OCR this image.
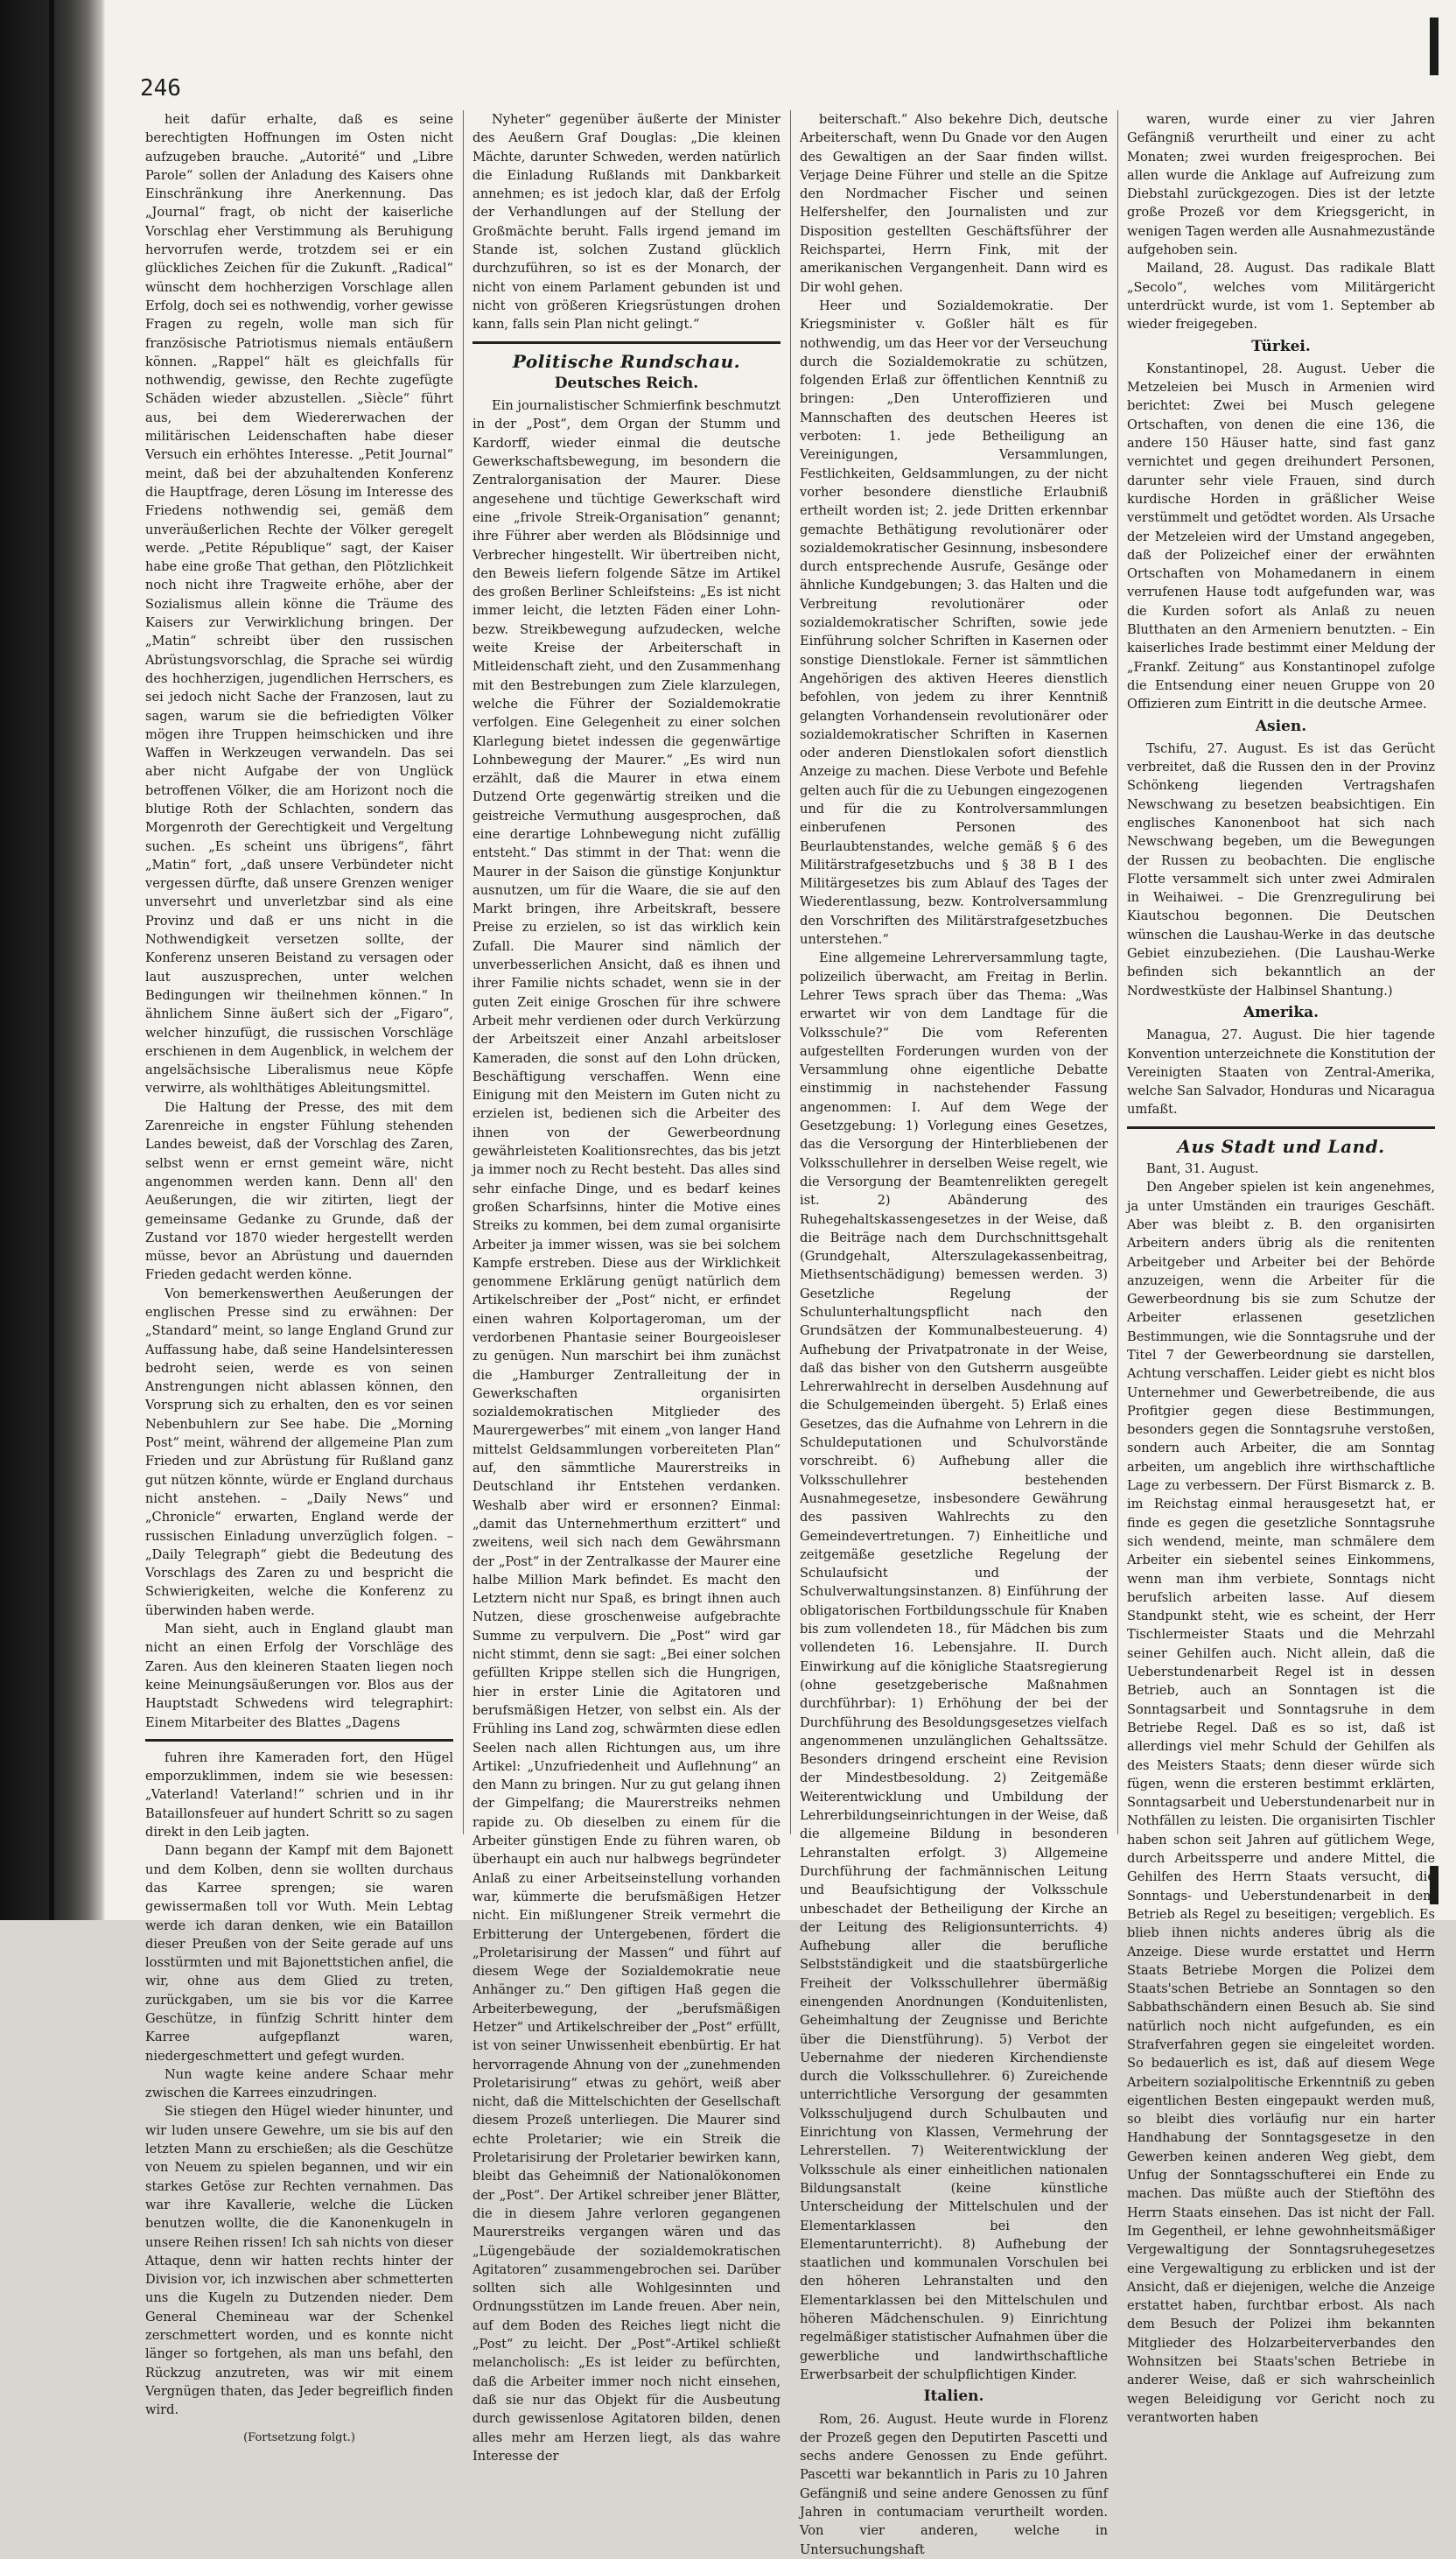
246

heit dafür erhalte, daß es seine berechtigten Hoffnungen im Osten nicht aufzugeben brauche. „Autorité“ und „Libre Parole“ sollen der Anladung des Kaisers ohne Einschränkung ihre Anerkennung. Das „Journal“ fragt, ob nicht der kaiserliche Vorschlag eher Verstimmung als Beruhigung hervorrufen werde, trotzdem sei er ein glückliches Zeichen für die Zukunft. „Radical“ wünscht dem hochherzigen Vorschlage allen Erfolg, doch sei es nothwendig, vorher gewisse Fragen zu regeln, wolle man sich für französische Patriotismus niemals entäußern können. „Rappel“ hält es gleichfalls für nothwendig, gewisse, den Rechte zugefügte Schäden wieder abzustellen. „Siècle“ führt aus, bei dem Wiedererwachen der militärischen Leidenschaften habe dieser Versuch ein erhöhtes Interesse. „Petit Journal“ meint, daß bei der abzuhaltenden Konferenz die Hauptfrage, deren Lösung im Interesse des Friedens nothwendig sei, gemäß dem unveräußerlichen Rechte der Völker geregelt werde. „Petite République“ sagt, der Kaiser habe eine große That gethan, den Plötzlichkeit noch nicht ihre Tragweite erhöhe, aber der Sozialismus allein könne die Träume des Kaisers zur Verwirklichung bringen. Der „Matin“ schreibt über den russischen Abrüstungsvorschlag, die Sprache sei würdig des hochherzigen, jugendlichen Herrschers, es sei jedoch nicht Sache der Franzosen, laut zu sagen, warum sie die befriedigten Völker mögen ihre Truppen heimschicken und ihre Waffen in Werkzeugen verwandeln. Das sei aber nicht Aufgabe der von Unglück betroffenen Völker, die am Horizont noch die blutige Roth der Schlachten, sondern das Morgenroth der Gerechtigkeit und Vergeltung suchen. „Es scheint uns übrigens“, fährt „Matin“ fort, „daß unsere Verbündeter nicht vergessen dürfte, daß unsere Grenzen weniger unversehrt und unverletzbar sind als eine Provinz und daß er uns nicht in die Nothwendigkeit versetzen sollte, der Konferenz unseren Beistand zu versagen oder laut auszusprechen, unter welchen Bedingungen wir theilnehmen können.“ In ähnlichem Sinne äußert sich der „Figaro“, welcher hinzufügt, die russischen Vorschläge erschienen in dem Augenblick, in welchem der angelsächsische Liberalismus neue Köpfe verwirre, als wohlthätiges Ableitungsmittel.

Die Haltung der Presse, des mit dem Zarenreiche in engster Fühlung stehenden Landes beweist, daß der Vorschlag des Zaren, selbst wenn er ernst gemeint wäre, nicht angenommen werden kann. Denn all' den Aeußerungen, die wir zitirten, liegt der gemeinsame Gedanke zu Grunde, daß der Zustand vor 1870 wieder hergestellt werden müsse, bevor an Abrüstung und dauernden Frieden gedacht werden könne.

Von bemerkenswerthen Aeußerungen der englischen Presse sind zu erwähnen: Der „Standard“ meint, so lange England Grund zur Auffassung habe, daß seine Handelsinteressen bedroht seien, werde es von seinen Anstrengungen nicht ablassen können, den Vorsprung sich zu erhalten, den es vor seinen Nebenbuhlern zur See habe. Die „Morning Post“ meint, während der allgemeine Plan zum Frieden und zur Abrüstung für Rußland ganz gut nützen könnte, würde er England durchaus nicht anstehen. – „Daily News“ und „Chronicle“ erwarten, England werde der russischen Einladung unverzüglich folgen. – „Daily Telegraph“ giebt die Bedeutung des Vorschlags des Zaren zu und bespricht die Schwierigkeiten, welche die Konferenz zu überwinden haben werde.

Man sieht, auch in England glaubt man nicht an einen Erfolg der Vorschläge des Zaren. Aus den kleineren Staaten liegen noch keine Meinungsäußerungen vor. Blos aus der Hauptstadt Schwedens wird telegraphirt: Einem Mitarbeiter des Blattes „Dagens

fuhren ihre Kameraden fort, den Hügel emporzuklimmen, indem sie wie besessen: „Vaterland! Vaterland!“ schrien und in ihr Bataillonsfeuer auf hundert Schritt so zu sagen direkt in den Leib jagten.

Dann begann der Kampf mit dem Bajonett und dem Kolben, denn sie wollten durchaus das Karree sprengen; sie waren gewissermaßen toll vor Wuth. Mein Lebtag werde ich daran denken, wie ein Bataillon dieser Preußen von der Seite gerade auf uns losstürmten und mit Bajonettstichen anfiel, die wir, ohne aus dem Glied zu treten, zurückgaben, um sie bis vor die Karree Geschütze, in fünfzig Schritt hinter dem Karree aufgepflanzt waren, niedergeschmettert und gefegt wurden.

Nun wagte keine andere Schaar mehr zwischen die Karrees einzudringen.

Sie stiegen den Hügel wieder hinunter, und wir luden unsere Gewehre, um sie bis auf den letzten Mann zu erschießen; als die Geschütze von Neuem zu spielen begannen, und wir ein starkes Getöse zur Rechten vernahmen. Das war ihre Kavallerie, welche die Lücken benutzen wollte, die die Kanonenkugeln in unsere Reihen rissen! Ich sah nichts von dieser Attaque, denn wir hatten rechts hinter der Division vor, ich inzwischen aber schmetterten uns die Kugeln zu Dutzenden nieder. Dem General Chemineau war der Schenkel zerschmettert worden, und es konnte nicht länger so fortgehen, als man uns befahl, den Rückzug anzutreten, was wir mit einem Vergnügen thaten, das Jeder begreiflich finden wird.

(Fortsetzung folgt.)

Nyheter“ gegenüber äußerte der Minister des Aeußern Graf Douglas: „Die kleinen Mächte, darunter Schweden, werden natürlich die Einladung Rußlands mit Dankbarkeit annehmen; es ist jedoch klar, daß der Erfolg der Verhandlungen auf der Stellung der Großmächte beruht. Falls irgend jemand im Stande ist, solchen Zustand glücklich durchzuführen, so ist es der Monarch, der nicht von einem Parlament gebunden ist und nicht von größeren Kriegsrüstungen drohen kann, falls sein Plan nicht gelingt.“

Politische Rundschau.
Deutsches Reich.

Ein journalistischer Schmierfink beschmutzt in der „Post“, dem Organ der Stumm und Kardorff, wieder einmal die deutsche Gewerkschaftsbewegung, im besondern die Zentralorganisation der Maurer. Diese angesehene und tüchtige Gewerkschaft wird eine „frivole Streik-Organisation“ genannt; ihre Führer aber werden als Blödsinnige und Verbrecher hingestellt. Wir übertreiben nicht, den Beweis liefern folgende Sätze im Artikel des großen Berliner Schleifsteins: „Es ist nicht immer leicht, die letzten Fäden einer Lohn- bezw. Streikbewegung aufzudecken, welche weite Kreise der Arbeiterschaft in Mitleidenschaft zieht, und den Zusammenhang mit den Bestrebungen zum Ziele klarzulegen, welche die Führer der Sozialdemokratie verfolgen. Eine Gelegenheit zu einer solchen Klarlegung bietet indessen die gegenwärtige Lohnbewegung der Maurer.“ „Es wird nun erzählt, daß die Maurer in etwa einem Dutzend Orte gegenwärtig streiken und die geistreiche Vermuthung ausgesprochen, daß eine derartige Lohnbewegung nicht zufällig entsteht.“ Das stimmt in der That: wenn die Maurer in der Saison die günstige Konjunktur ausnutzen, um für die Waare, die sie auf den Markt bringen, ihre Arbeitskraft, bessere Preise zu erzielen, so ist das wirklich kein Zufall. Die Maurer sind nämlich der unverbesserlichen Ansicht, daß es ihnen und ihrer Familie nichts schadet, wenn sie in der guten Zeit einige Groschen für ihre schwere Arbeit mehr verdienen oder durch Verkürzung der Arbeitszeit einer Anzahl arbeitsloser Kameraden, die sonst auf den Lohn drücken, Beschäftigung verschaffen. Wenn eine Einigung mit den Meistern im Guten nicht zu erzielen ist, bedienen sich die Arbeiter des ihnen von der Gewerbeordnung gewährleisteten Koalitionsrechtes, das bis jetzt ja immer noch zu Recht besteht. Das alles sind sehr einfache Dinge, und es bedarf keines großen Scharfsinns, hinter die Motive eines Streiks zu kommen, bei dem zumal organisirte Arbeiter ja immer wissen, was sie bei solchem Kampfe erstreben. Diese aus der Wirklichkeit genommene Erklärung genügt natürlich dem Artikelschreiber der „Post“ nicht, er erfindet einen wahren Kolportageroman, um der verdorbenen Phantasie seiner Bourgeoisleser zu genügen. Nun marschirt bei ihm zunächst die „Hamburger Zentralleitung der in Gewerkschaften organisirten sozialdemokratischen Mitglieder des Maurergewerbes“ mit einem „von langer Hand mittelst Geldsammlungen vorbereiteten Plan“ auf, den sämmtliche Maurerstreiks in Deutschland ihr Entstehen verdanken. Weshalb aber wird er ersonnen? Einmal: „damit das Unternehmerthum erzittert“ und zweitens, weil sich nach dem Gewährsmann der „Post“ in der Zentralkasse der Maurer eine halbe Million Mark befindet. Es macht den Letztern nicht nur Spaß, es bringt ihnen auch Nutzen, diese groschenweise aufgebrachte Summe zu verpulvern. Die „Post“ wird gar nicht stimmt, denn sie sagt: „Bei einer solchen gefüllten Krippe stellen sich die Hungrigen, hier in erster Linie die Agitatoren und berufsmäßigen Hetzer, von selbst ein. Als der Frühling ins Land zog, schwärmten diese edlen Seelen nach allen Richtungen aus, um ihre Artikel: „Unzufriedenheit und Auflehnung“ an den Mann zu bringen. Nur zu gut gelang ihnen der Gimpelfang; die Maurerstreiks nehmen rapide zu. Ob dieselben zu einem für die Arbeiter günstigen Ende zu führen waren, ob überhaupt ein auch nur halbwegs begründeter Anlaß zu einer Arbeitseinstellung vorhanden war, kümmerte die berufsmäßigen Hetzer nicht. Ein mißlungener Streik vermehrt die Erbitterung der Untergebenen, fördert die „Proletarisirung der Massen“ und führt auf diesem Wege der Sozialdemokratie neue Anhänger zu.“ Den giftigen Haß gegen die Arbeiterbewegung, der „berufsmäßigen Hetzer“ und Artikelschreiber der „Post“ erfüllt, ist von seiner Unwissenheit ebenbürtig. Er hat hervorragende Ahnung von der „zunehmenden Proletarisirung“ etwas zu gehört, weiß aber nicht, daß die Mittelschichten der Gesellschaft diesem Prozeß unterliegen. Die Maurer sind echte Proletarier; wie ein Streik die Proletarisirung der Proletarier bewirken kann, bleibt das Geheimniß der Nationalökonomen der „Post“. Der Artikel schreiber jener Blätter, die in diesem Jahre verloren gegangenen Maurerstreiks vergangen wären und das „Lügengebäude der sozialdemokratischen Agitatoren“ zusammengebrochen sei. Darüber sollten sich alle Wohlgesinnten und Ordnungsstützen im Lande freuen. Aber nein, auf dem Boden des Reiches liegt nicht die „Post“ zu leicht. Der „Post“-Artikel schließt melancholisch: „Es ist leider zu befürchten, daß die Arbeiter immer noch nicht einsehen, daß sie nur das Objekt für die Ausbeutung durch gewissenlose Agitatoren bilden, denen alles mehr am Herzen liegt, als das wahre Interesse der

beiterschaft.“ Also bekehre Dich, deutsche Arbeiterschaft, wenn Du Gnade vor den Augen des Gewaltigen an der Saar finden willst. Verjage Deine Führer und stelle an die Spitze den Nordmacher Fischer und seinen Helfershelfer, den Journalisten und zur Disposition gestellten Geschäftsführer der Reichspartei, Herrn Fink, mit der amerikanischen Vergangenheit. Dann wird es Dir wohl gehen.

Heer und Sozialdemokratie. Der Kriegsminister v. Goßler hält es für nothwendig, um das Heer vor der Verseuchung durch die Sozialdemokratie zu schützen, folgenden Erlaß zur öffentlichen Kenntniß zu bringen: „Den Unteroffizieren und Mannschaften des deutschen Heeres ist verboten: 1. jede Betheiligung an Vereinigungen, Versammlungen, Festlichkeiten, Geldsammlungen, zu der nicht vorher besondere dienstliche Erlaubniß ertheilt worden ist; 2. jede Dritten erkennbar gemachte Bethätigung revolutionärer oder sozialdemokratischer Gesinnung, insbesondere durch entsprechende Ausrufe, Gesänge oder ähnliche Kundgebungen; 3. das Halten und die Verbreitung revolutionärer oder sozialdemokratischer Schriften, sowie jede Einführung solcher Schriften in Kasernen oder sonstige Dienstlokale. Ferner ist sämmtlichen Angehörigen des aktiven Heeres dienstlich befohlen, von jedem zu ihrer Kenntniß gelangten Vorhandensein revolutionärer oder sozialdemokratischer Schriften in Kasernen oder anderen Dienstlokalen sofort dienstlich Anzeige zu machen. Diese Verbote und Befehle gelten auch für die zu Uebungen eingezogenen und für die zu Kontrolversammlungen einberufenen Personen des Beurlaubtenstandes, welche gemäß § 6 des Militärstrafgesetzbuchs und § 38 B I des Militärgesetzes bis zum Ablauf des Tages der Wiederentlassung, bezw. Kontrolversammlung den Vorschriften des Militärstrafgesetzbuches unterstehen.“

Eine allgemeine Lehrerversammlung tagte, polizeilich überwacht, am Freitag in Berlin. Lehrer Tews sprach über das Thema: „Was erwartet wir von dem Landtage für die Volksschule?“ Die vom Referenten aufgestellten Forderungen wurden von der Versammlung ohne eigentliche Debatte einstimmig in nachstehender Fassung angenommen: I. Auf dem Wege der Gesetzgebung: 1) Vorlegung eines Gesetzes, das die Versorgung der Hinterbliebenen der Volksschullehrer in derselben Weise regelt, wie die Versorgung der Beamtenrelikten geregelt ist. 2) Abänderung des Ruhegehaltskassengesetzes in der Weise, daß die Beiträge nach dem Durchschnittsgehalt (Grundgehalt, Alterszulagekassenbeitrag, Miethsentschädigung) bemessen werden. 3) Gesetzliche Regelung der Schulunterhaltungspflicht nach den Grundsätzen der Kommunalbesteuerung. 4) Aufhebung der Privatpatronate in der Weise, daß das bisher von den Gutsherrn ausgeübte Lehrerwahlrecht in derselben Ausdehnung auf die Schulgemeinden übergeht. 5) Erlaß eines Gesetzes, das die Aufnahme von Lehrern in die Schuldeputationen und Schulvorstände vorschreibt. 6) Aufhebung aller die Volksschullehrer bestehenden Ausnahmegesetze, insbesondere Gewährung des passiven Wahlrechts zu den Gemeindevertretungen. 7) Einheitliche und zeitgemäße gesetzliche Regelung der Schulaufsicht und der Schulverwaltungsinstanzen. 8) Einführung der obligatorischen Fortbildungsschule für Knaben bis zum vollendeten 18., für Mädchen bis zum vollendeten 16. Lebensjahre. II. Durch Einwirkung auf die königliche Staatsregierung (ohne gesetzgeberische Maßnahmen durchführbar): 1) Erhöhung der bei der Durchführung des Besoldungsgesetzes vielfach angenommenen unzulänglichen Gehaltssätze. Besonders dringend erscheint eine Revision der Mindestbesoldung. 2) Zeitgemäße Weiterentwicklung und Umbildung der Lehrerbildungseinrichtungen in der Weise, daß die allgemeine Bildung in besonderen Lehranstalten erfolgt. 3) Allgemeine Durchführung der fachmännischen Leitung und Beaufsichtigung der Volksschule unbeschadet der Betheiligung der Kirche an der Leitung des Religionsunterrichts. 4) Aufhebung aller die berufliche Selbstständigkeit und die staatsbürgerliche Freiheit der Volksschullehrer übermäßig einengenden Anordnungen (Konduitenlisten, Geheimhaltung der Zeugnisse und Berichte über die Dienstführung). 5) Verbot der Uebernahme der niederen Kirchendienste durch die Volksschullehrer. 6) Zureichende unterrichtliche Versorgung der gesammten Volksschuljugend durch Schulbauten und Einrichtung von Klassen, Vermehrung der Lehrerstellen. 7) Weiterentwicklung der Volksschule als einer einheitlichen nationalen Bildungsanstalt (keine künstliche Unterscheidung der Mittelschulen und der Elementarklassen bei den Elementarunterricht). 8) Aufhebung der staatlichen und kommunalen Vorschulen bei den höheren Lehranstalten und den Elementarklassen bei den Mittelschulen und höheren Mädchenschulen. 9) Einrichtung regelmäßiger statistischer Aufnahmen über die gewerbliche und landwirthschaftliche Erwerbsarbeit der schulpflichtigen Kinder.

Italien.

Rom, 26. August. Heute wurde in Florenz der Prozeß gegen den Deputirten Pascetti und sechs andere Genossen zu Ende geführt. Pascetti war bekanntlich in Paris zu 10 Jahren Gefängniß und seine andere Genossen zu fünf Jahren in contumaciam verurtheilt worden. Von vier anderen, welche in Untersuchungshaft

waren, wurde einer zu vier Jahren Gefängniß verurtheilt und einer zu acht Monaten; zwei wurden freigesprochen. Bei allen wurde die Anklage auf Aufreizung zum Diebstahl zurückgezogen. Dies ist der letzte große Prozeß vor dem Kriegsgericht, in wenigen Tagen werden alle Ausnahmezustände aufgehoben sein.

Mailand, 28. August. Das radikale Blatt „Secolo“, welches vom Militärgericht unterdrückt wurde, ist vom 1. September ab wieder freigegeben.

Türkei.

Konstantinopel, 28. August. Ueber die Metzeleien bei Musch in Armenien wird berichtet: Zwei bei Musch gelegene Ortschaften, von denen die eine 136, die andere 150 Häuser hatte, sind fast ganz vernichtet und gegen dreihundert Personen, darunter sehr viele Frauen, sind durch kurdische Horden in gräßlicher Weise verstümmelt und getödtet worden. Als Ursache der Metzeleien wird der Umstand angegeben, daß der Polizeichef einer der erwähnten Ortschaften von Mohamedanern in einem verrufenen Hause todt aufgefunden war, was die Kurden sofort als Anlaß zu neuen Blutthaten an den Armeniern benutzten. – Ein kaiserliches Irade bestimmt einer Meldung der „Frankf. Zeitung“ aus Konstantinopel zufolge die Entsendung einer neuen Gruppe von 20 Offizieren zum Eintritt in die deutsche Armee.

Asien.

Tschifu, 27. August. Es ist das Gerücht verbreitet, daß die Russen den in der Provinz Schönkeng liegenden Vertragshafen Newschwang zu besetzen beabsichtigen. Ein englisches Kanonenboot hat sich nach Newschwang begeben, um die Bewegungen der Russen zu beobachten. Die englische Flotte versammelt sich unter zwei Admiralen in Weihaiwei. – Die Grenzregulirung bei Kiautschou begonnen. Die Deutschen wünschen die Laushau-Werke in das deutsche Gebiet einzubeziehen. (Die Laushau-Werke befinden sich bekanntlich an der Nordwestküste der Halbinsel Shantung.)

Amerika.

Managua, 27. August. Die hier tagende Konvention unterzeichnete die Konstitution der Vereinigten Staaten von Zentral-Amerika, welche San Salvador, Honduras und Nicaragua umfaßt.

Aus Stadt und Land.

Bant, 31. August.

Den Angeber spielen ist kein angenehmes, ja unter Umständen ein trauriges Geschäft. Aber was bleibt z. B. den organisirten Arbeitern anders übrig als die renitenten Arbeitgeber und Arbeiter bei der Behörde anzuzeigen, wenn die Arbeiter für die Gewerbeordnung bis sie zum Schutze der Arbeiter erlassenen gesetzlichen Bestimmungen, wie die Sonntagsruhe und der Titel 7 der Gewerbeordnung sie darstellen, Achtung verschaffen. Leider giebt es nicht blos Unternehmer und Gewerbetreibende, die aus Profitgier gegen diese Bestimmungen, besonders gegen die Sonntagsruhe verstoßen, sondern auch Arbeiter, die am Sonntag arbeiten, um angeblich ihre wirthschaftliche Lage zu verbessern. Der Fürst Bismarck z. B. im Reichstag einmal herausgesetzt hat, er finde es gegen die gesetzliche Sonntagsruhe sich wendend, meinte, man schmälere dem Arbeiter ein siebentel seines Einkommens, wenn man ihm verbiete, Sonntags nicht berufslich arbeiten lasse. Auf diesem Standpunkt steht, wie es scheint, der Herr Tischlermeister Staats und die Mehrzahl seiner Gehilfen auch. Nicht allein, daß die Ueberstundenarbeit Regel ist in dessen Betrieb, auch an Sonntagen ist die Sonntagsarbeit und Sonntagsruhe in dem Betriebe Regel. Daß es so ist, daß ist allerdings viel mehr Schuld der Gehilfen als des Meisters Staats; denn dieser würde sich fügen, wenn die ersteren bestimmt erklärten, Sonntagsarbeit und Ueberstundenarbeit nur in Nothfällen zu leisten. Die organisirten Tischler haben schon seit Jahren auf gütlichem Wege, durch Arbeitssperre und andere Mittel, die Gehilfen des Herrn Staats versucht, die Sonntags- und Ueberstundenarbeit in dem Betrieb als Regel zu beseitigen; vergeblich. Es blieb ihnen nichts anderes übrig als die Anzeige. Diese wurde erstattet und Herrn Staats Betriebe Morgen die Polizei dem Staats'schen Betriebe an Sonntagen so den Sabbathschändern einen Besuch ab. Sie sind natürlich noch nicht aufgefunden, es ein Strafverfahren gegen sie eingeleitet worden. So bedauerlich es ist, daß auf diesem Wege Arbeitern sozialpolitische Erkenntniß zu geben eigentlichen Besten eingepaukt werden muß, so bleibt dies vorläufig nur ein harter Handhabung der Sonntagsgesetze in den Gewerben keinen anderen Weg giebt, dem Unfug der Sonntagsschufterei ein Ende zu machen. Das müßte auch der Stieftöhn des Herrn Staats einsehen. Das ist nicht der Fall. Im Gegentheil, er lehne gewohnheitsmäßiger Vergewaltigung der Sonntagsruhegesetzes eine Vergewaltigung zu erblicken und ist der Ansicht, daß er diejenigen, welche die Anzeige erstattet haben, furchtbar erbost. Als nach dem Besuch der Polizei ihm bekannten Mitglieder des Holzarbeiterverbandes den Wohnsitzen bei Staats'schen Betriebe in anderer Weise, daß er sich wahrscheinlich wegen Beleidigung vor Gericht noch zu verantworten haben
